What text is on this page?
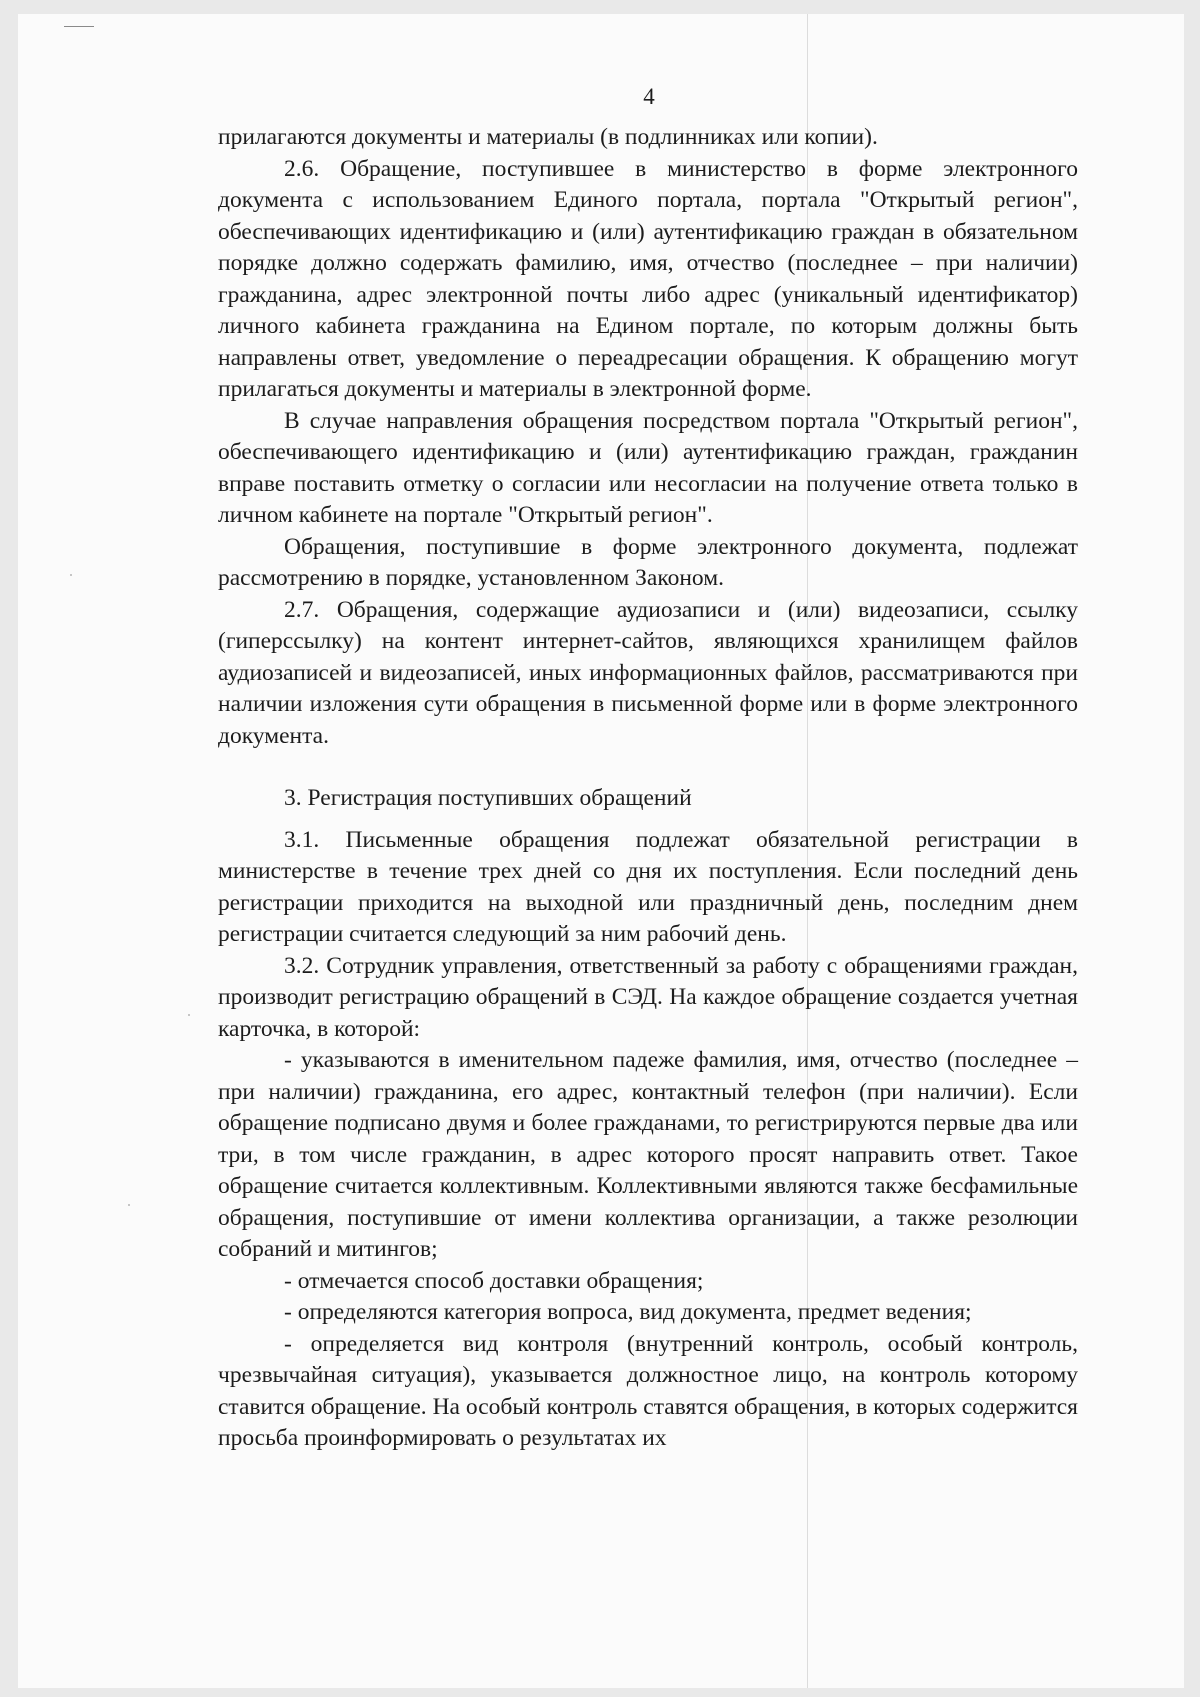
4

прилагаются документы и материалы (в подлинниках или копии).

2.6. Обращение, поступившее в министерство в форме электронного документа с использованием Единого портала, портала "Открытый регион", обеспечивающих идентификацию и (или) аутентификацию граждан в обязательном порядке должно содержать фамилию, имя, отчество (последнее – при наличии) гражданина, адрес электронной почты либо адрес (уникальный идентификатор) личного кабинета гражданина на Едином портале, по которым должны быть направлены ответ, уведомление о переадресации обращения. К обращению могут прилагаться документы и материалы в электронной форме.

В случае направления обращения посредством портала "Открытый регион", обеспечивающего идентификацию и (или) аутентификацию граждан, гражданин вправе поставить отметку о согласии или несогласии на получение ответа только в личном кабинете на портале "Открытый регион".

Обращения, поступившие в форме электронного документа, подлежат рассмотрению в порядке, установленном Законом.

2.7. Обращения, содержащие аудиозаписи и (или) видеозаписи, ссылку (гиперссылку) на контент интернет-сайтов, являющихся хранилищем файлов аудиозаписей и видеозаписей, иных информационных файлов, рассматриваются при наличии изложения сути обращения в письменной форме или в форме электронного документа.

3. Регистрация поступивших обращений

3.1. Письменные обращения подлежат обязательной регистрации в министерстве в течение трех дней со дня их поступления. Если последний день регистрации приходится на выходной или праздничный день, последним днем регистрации считается следующий за ним рабочий день.

3.2. Сотрудник управления, ответственный за работу с обращениями граждан, производит регистрацию обращений в СЭД. На каждое обращение создается учетная карточка, в которой:

- указываются в именительном падеже фамилия, имя, отчество (последнее – при наличии) гражданина, его адрес, контактный телефон (при наличии). Если обращение подписано двумя и более гражданами, то регистрируются первые два или три, в том числе гражданин, в адрес которого просят направить ответ. Такое обращение считается коллективным. Коллективными являются также бесфамильные обращения, поступившие от имени коллектива организации, а также резолюции собраний и митингов;

- отмечается способ доставки обращения;

- определяются категория вопроса, вид документа, предмет ведения;

- определяется вид контроля (внутренний контроль, особый контроль, чрезвычайная ситуация), указывается должностное лицо, на контроль которому ставится обращение. На особый контроль ставятся обращения, в которых содержится просьба проинформировать о результатах их
